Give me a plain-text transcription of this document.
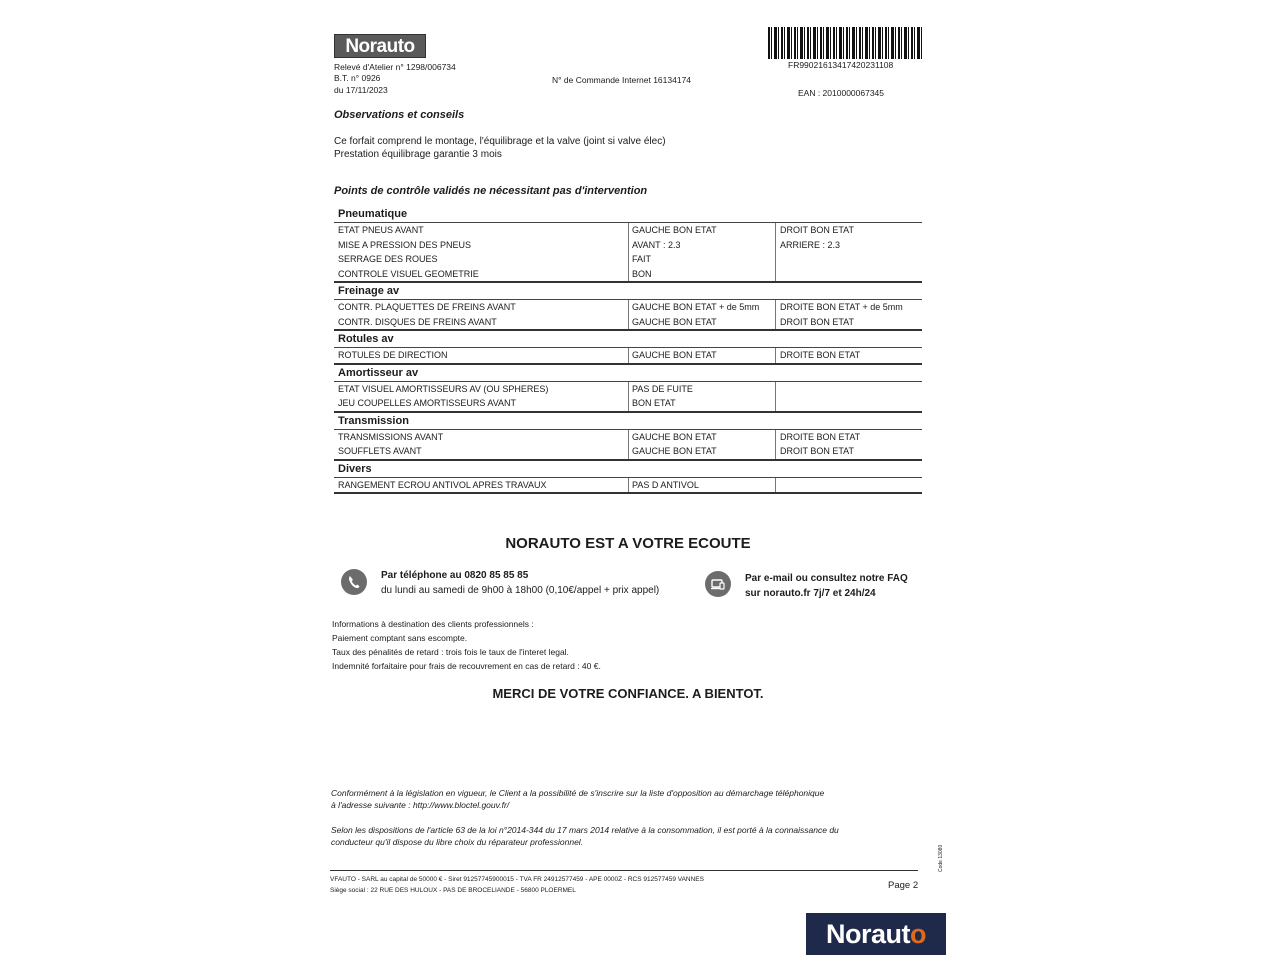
Norauto
Relevé d'Atelier n° 1298/006734
B.T. n° 0926
du 17/11/2023
N° de Commande Internet 16134174
FR99021613417420231108
EAN : 2010000067345
Observations et conseils
Ce forfait comprend le montage, l'équilibrage et la valve (joint si valve élec)
Prestation équilibrage garantie 3 mois
Points de contrôle validés ne nécessitant pas d'intervention
Pneumatique
ETAT PNEUS AVANT	GAUCHE BON ETAT	DROIT BON ETAT
MISE A PRESSION DES PNEUS	AVANT : 2.3	ARRIERE : 2.3
SERRAGE DES ROUES	FAIT
CONTROLE VISUEL GEOMETRIE	BON
Freinage av
CONTR. PLAQUETTES DE FREINS AVANT	GAUCHE BON ETAT + de 5mm	DROITE BON ETAT + de 5mm
CONTR. DISQUES DE FREINS AVANT	GAUCHE BON ETAT	DROIT BON ETAT
Rotules av
ROTULES DE DIRECTION	GAUCHE BON ETAT	DROITE BON ETAT
Amortisseur av
ETAT VISUEL AMORTISSEURS AV (OU SPHERES)	PAS DE FUITE
JEU COUPELLES AMORTISSEURS AVANT	BON ETAT
Transmission
TRANSMISSIONS AVANT	GAUCHE BON ETAT	DROITE BON ETAT
SOUFFLETS AVANT	GAUCHE BON ETAT	DROIT BON ETAT
Divers
RANGEMENT ECROU ANTIVOL APRES TRAVAUX	PAS D ANTIVOL
NORAUTO EST A VOTRE ECOUTE
Par téléphone au 0820 85 85 85
du lundi au samedi de 9h00 à 18h00 (0,10€/appel + prix appel)
Par e-mail ou consultez notre FAQ
sur norauto.fr 7j/7 et 24h/24
Informations à destination des clients professionnels :
Paiement comptant sans escompte.
Taux des pénalités de retard : trois fois le taux de l'interet legal.
Indemnité forfaitaire pour frais de recouvrement en cas de retard : 40 €.
MERCI DE VOTRE CONFIANCE. A BIENTOT.
Conformément à la législation en vigueur, le Client a la possibilité de s'inscrire sur la liste d'opposition au démarchage téléphonique
à l'adresse suivante : http://www.bloctel.gouv.fr/
Selon les dispositions de l'article 63 de la loi n°2014-344 du 17 mars 2014 relative à la consommation, il est porté à la connaissance du
conducteur qu'il dispose du libre choix du réparateur professionnel.
VFAUTO - SARL au capital de 50000 € - Siret 91257745900015 - TVA FR 24912577459 - APE 0000Z - RCS 912577459 VANNES
Siège social : 22 RUE DES HULOUX - PAS DE BROCELIANDE - 56800 PLOERMEL	Page 2
Code 13080
Norauto
